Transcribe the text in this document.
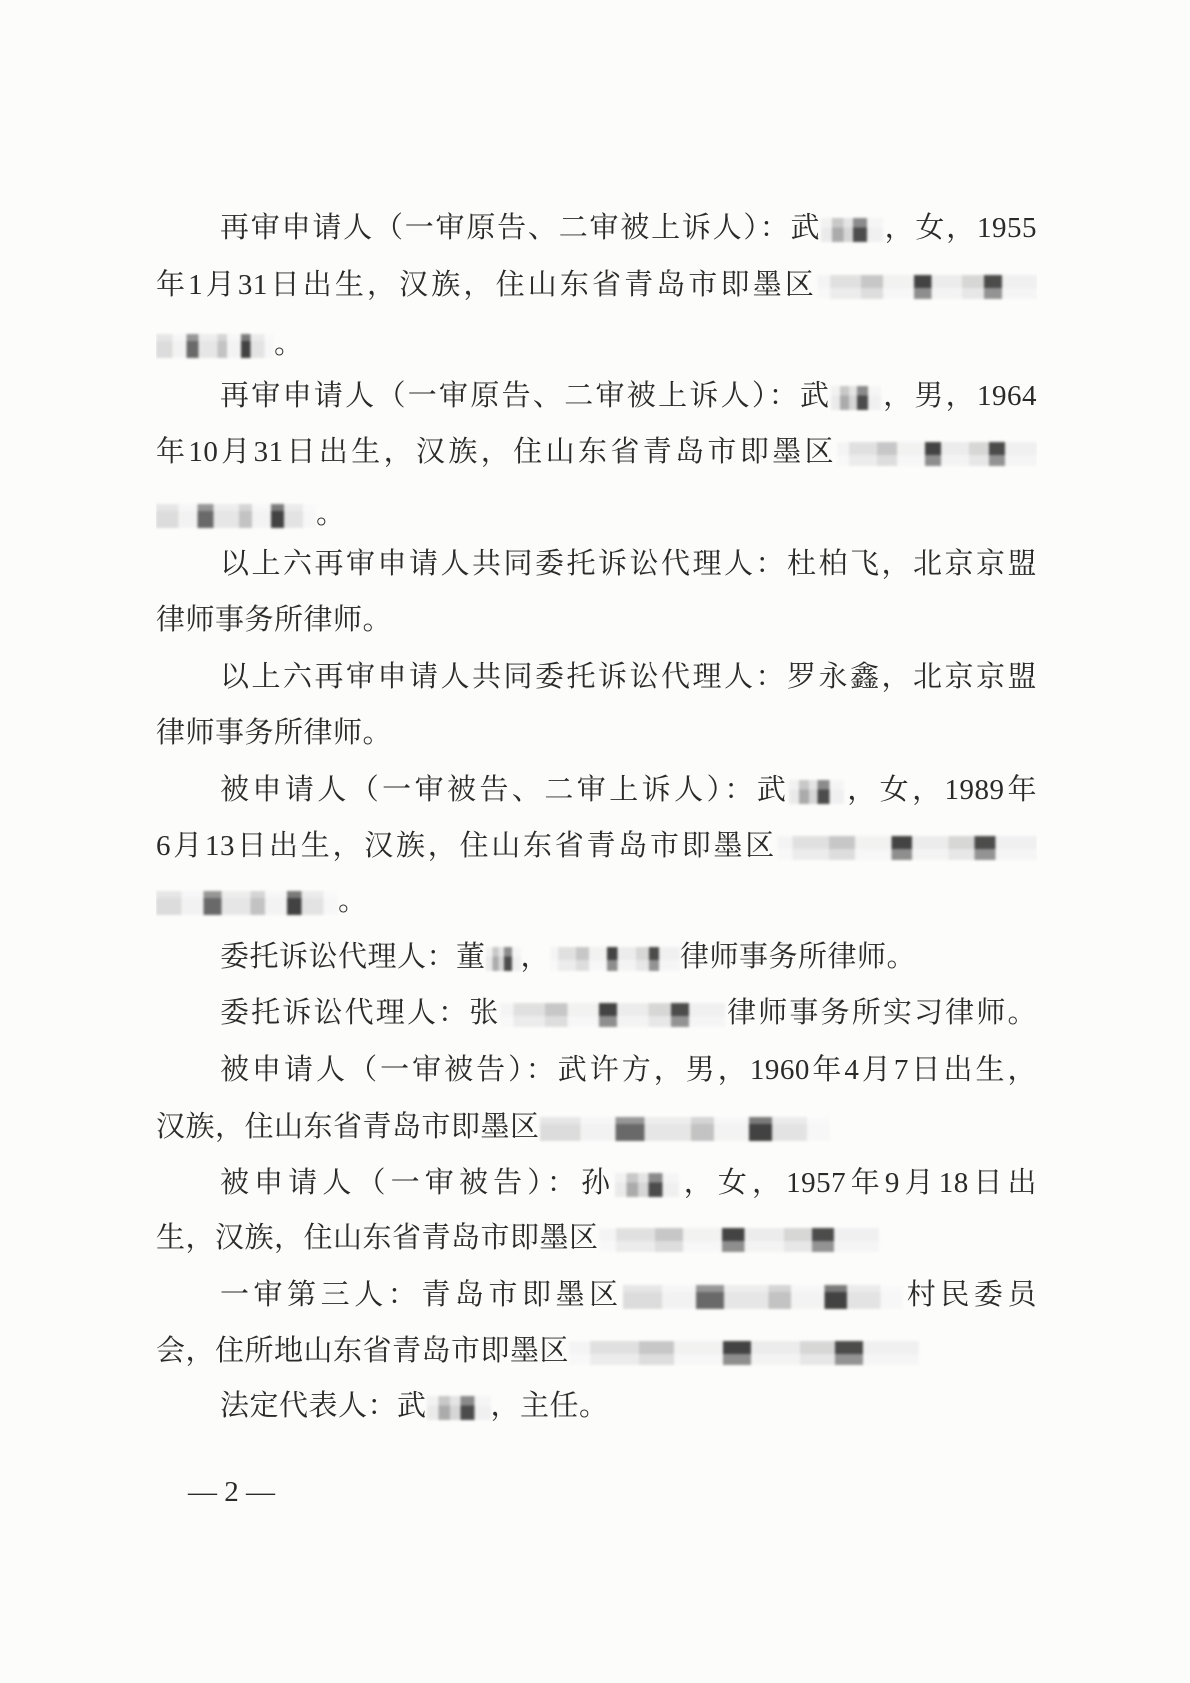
再审申请人（一审原告、二审被上诉人）：武 ，女，1955
年1月31日出生，汉族，住山东省青岛市即墨区
。
再审申请人（一审原告、二审被上诉人）：武 ，男，1964
年10月31日出生，汉族，住山东省青岛市即墨区
。
以上六再审申请人共同委托诉讼代理人：杜柏飞，北京京盟
律师事务所律师。
以上六再审申请人共同委托诉讼代理人：罗永鑫，北京京盟
律师事务所律师。
被申请人（一审被告、二审上诉人）：武 ，女，1989年
6月13日出生，汉族，住山东省青岛市即墨区
。
委托诉讼代理人：董 ，	律师事务所律师。
委托诉讼代理人：张	律师事务所实习律师。
被申请人（一审被告）：武许方，男，1960年4月7日出生，
汉族，住山东省青岛市即墨区
被申请人（一审被告）：孙 ，女，1957年9月18日出
生，汉族，住山东省青岛市即墨区
一审第三人：青岛市即墨区	村民委员
会，住所地山东省青岛市即墨区
法定代表人：武 ，主任。
— 2 —
